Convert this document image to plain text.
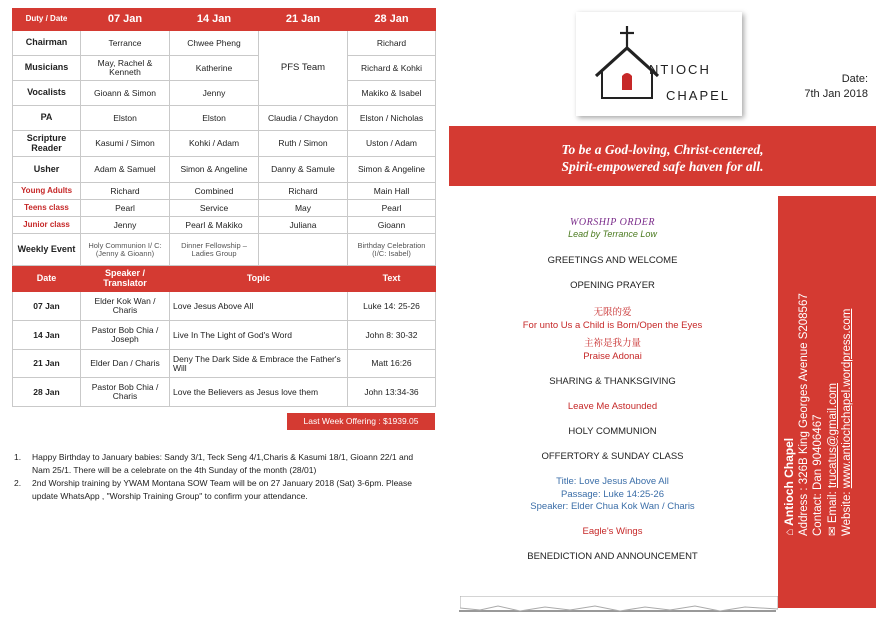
Duty / Date	07 Jan	14 Jan	21 Jan	28 Jan
Chairman	Terrance	Chwee Pheng	PFS Team	Richard
Musicians	May, Rachel & Kenneth	Katherine		Richard & Kohki
Vocalists	Gioann & Simon	Jenny		Makiko & Isabel
PA	Elston	Elston	Claudia / Chaydon	Elston / Nicholas
Scripture Reader	Kasumi / Simon	Kohki / Adam	Ruth / Simon	Uston / Adam
Usher	Adam & Samuel	Simon & Angeline	Danny & Samule	Simon & Angeline
Young Adults	Richard	Combined	Richard	Main Hall
Teens class	Pearl	Service	May	Pearl
Junior class	Jenny	Pearl & Makiko	Juliana	Gioann
Weekly Event	Holy Communion I/ C: (Jenny & Gioann)	Dinner Fellowship – Ladies Group		Birthday Celebration (I/C: Isabel)
Date	Speaker / Translator	Topic		Text
07 Jan	Elder Kok Wan / Charis	Love Jesus Above All		Luke 14: 25-26
14 Jan	Pastor Bob Chia / Joseph	Live In The Light of God's Word		John 8: 30-32
21 Jan	Elder Dan / Charis	Deny The Dark Side & Embrace the Father's Will		Matt 16:26
28 Jan	Pastor Bob Chia / Charis	Love the Believers as Jesus love them		John 13:34-36
Last Week Offering : $1939.05
1. Happy Birthday to January babies: Sandy 3/1, Teck Seng 4/1,Charis & Kasumi 18/1, Gioann 22/1 and Nam 25/1. There will be a celebrate on the 4th Sunday of the month (28/01)
2. 2nd Worship training by YWAM Montana SOW Team will be on 27 January 2018 (Sat) 3-6pm. Please update WhatsApp , "Worship Training Group" to confirm your attendance.
NTIOCH
CHAPEL
Date:
7th Jan 2018
To be a God-loving, Christ-centered,
Spirit-empowered safe haven for all.
WORSHIP ORDER
Lead by Terrance Low
GREETINGS AND WELCOME
OPENING PRAYER
无限的爱
For unto Us a Child is Born/Open the Eyes
主祢是我力量
Praise Adonai
SHARING & THANKSGIVING
Leave Me Astounded
HOLY COMMUNION
OFFERTORY & SUNDAY CLASS
Title: Love Jesus Above All
Passage: Luke 14:25-26
Speaker: Elder Chua Kok Wan / Charis
Eagle's Wings
BENEDICTION AND ANNOUNCEMENT
⌂ Antioch Chapel Address : 326B King Georges Avenue S208567 Contact: Dan 90406467 ✉ Email: trucatus@gmail.com
Website: www.antiochchapel.wordpress.com
